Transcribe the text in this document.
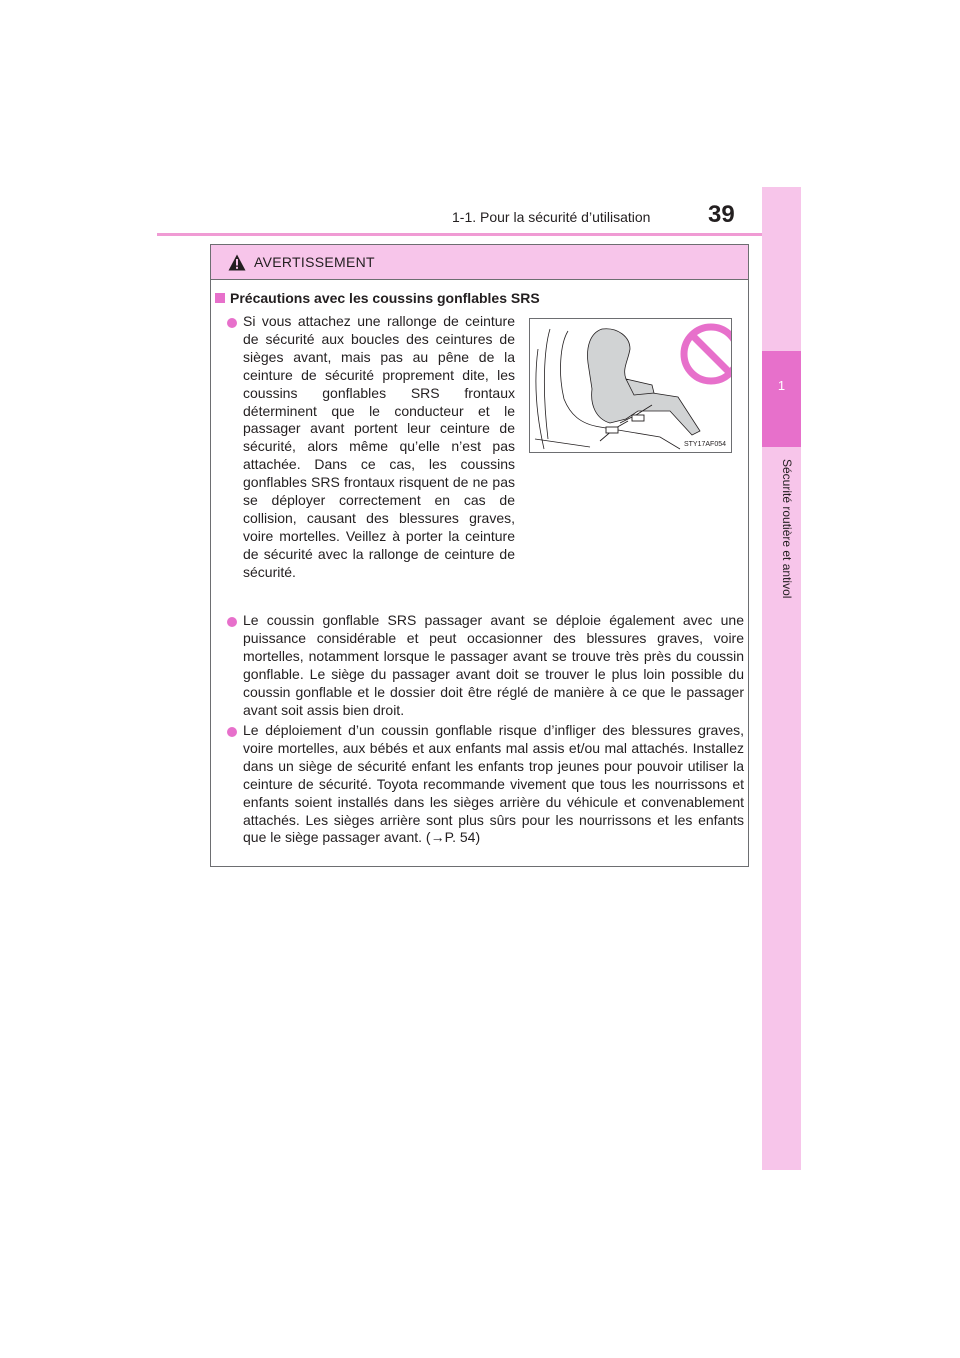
1-1. Pour la sécurité d’utilisation 39
1
Sécurité routière et antivol
AVERTISSEMENT
Précautions avec les coussins gonflables SRS
Si vous attachez une rallonge de ceinture de sécurité aux boucles des ceintures de sièges avant, mais pas au pêne de la ceinture de sécurité proprement dite, les coussins gonflables SRS frontaux déterminent que le conducteur et le passager avant portent leur ceinture de sécurité, alors même qu’elle n’est pas attachée. Dans ce cas, les coussins gonflables SRS frontaux risquent de ne pas se déployer correctement en cas de collision, causant des blessures graves, voire mortelles. Veillez à porter la ceinture de sécurité avec la rallonge de ceinture de sécurité.
STY17AF054
Le coussin gonflable SRS passager avant se déploie également avec une puissance considérable et peut occasionner des blessures graves, voire mortelles, notamment lorsque le passager avant se trouve très près du coussin gonflable. Le siège du passager avant doit se trouver le plus loin possible du coussin gonflable et le dossier doit être réglé de manière à ce que le passager avant soit assis bien droit.
Le déploiement d’un coussin gonflable risque d’infliger des blessures graves, voire mortelles, aux bébés et aux enfants mal assis et/ou mal attachés. Installez dans un siège de sécurité enfant les enfants trop jeunes pour pouvoir utiliser la ceinture de sécurité. Toyota recommande vivement que tous les nourrissons et enfants soient installés dans les sièges arrière du véhicule et convenablement attachés. Les sièges arrière sont plus sûrs pour les nourrissons et les enfants que le siège passager avant. (→P. 54)
